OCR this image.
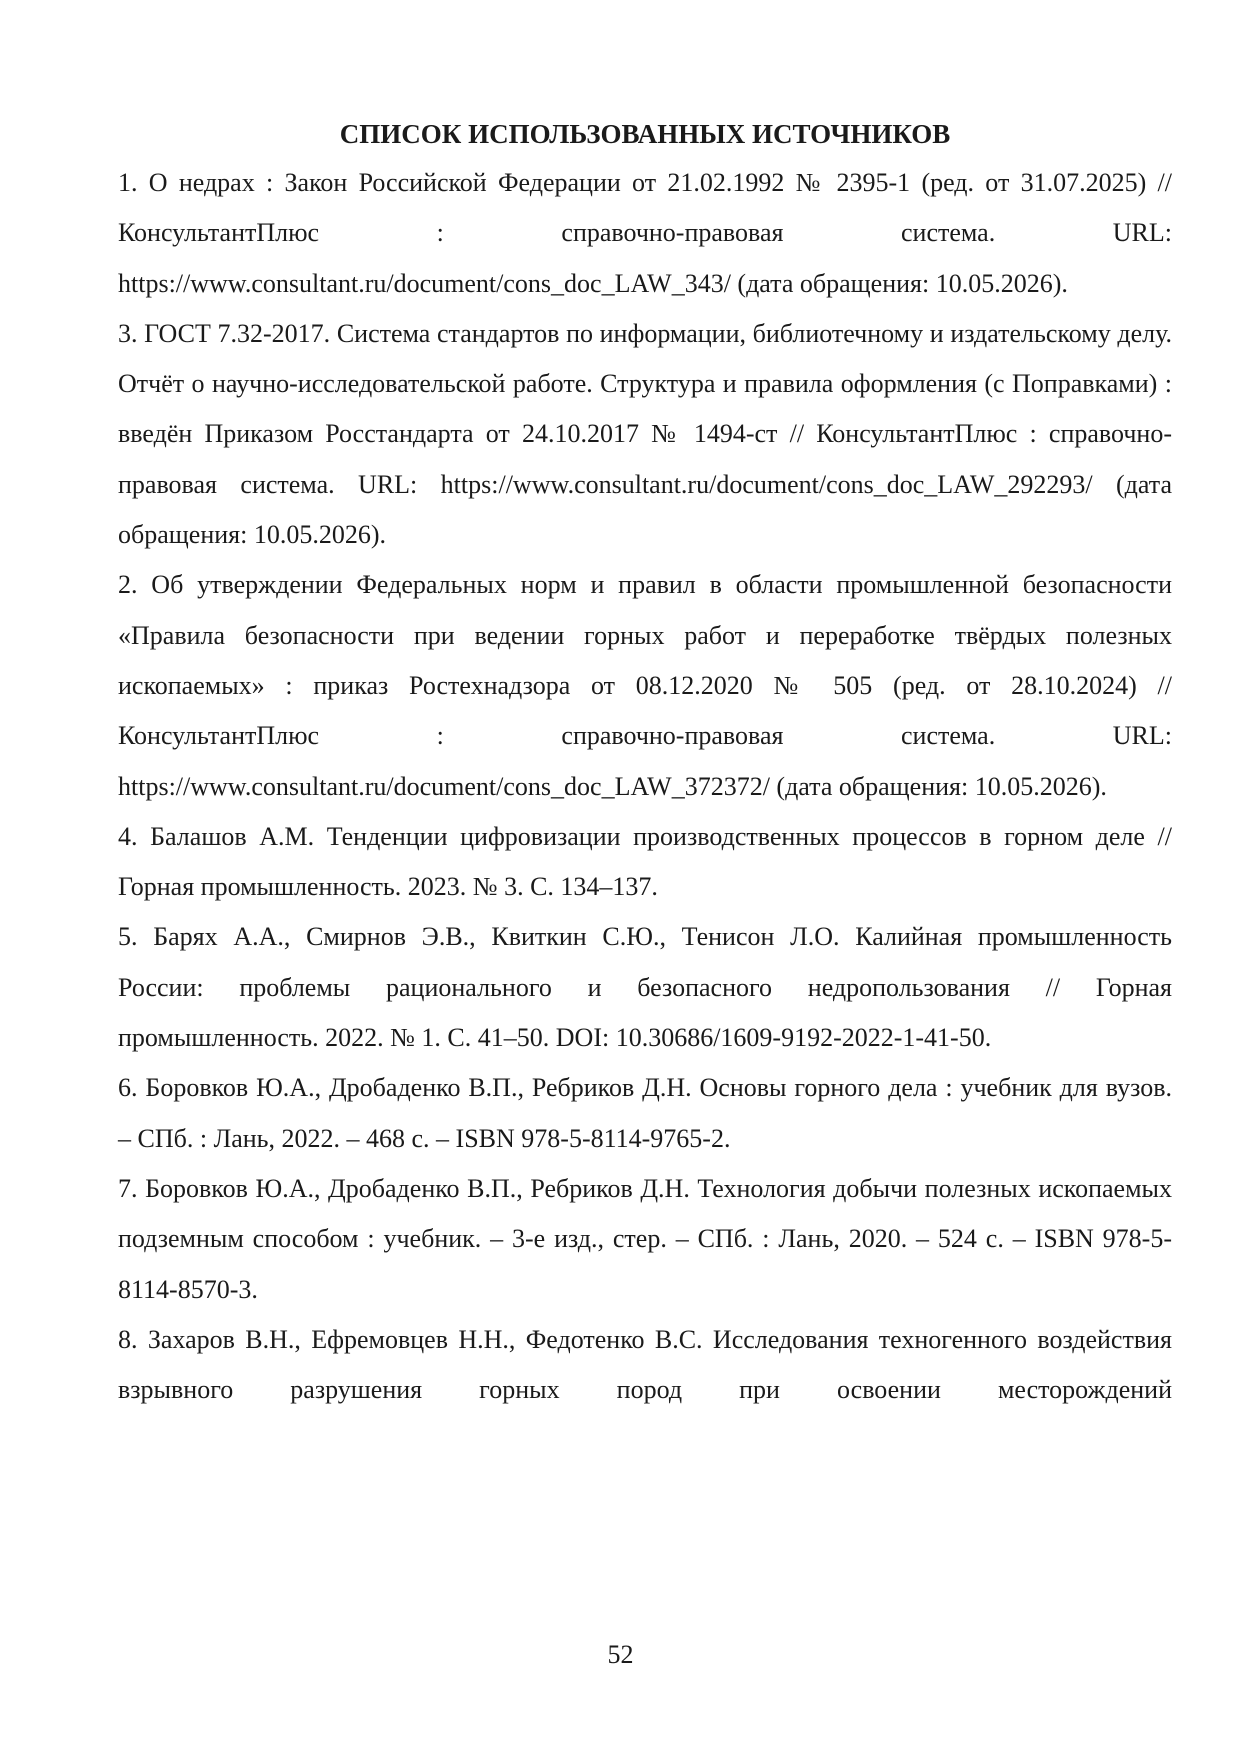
СПИСОК ИСПОЛЬЗОВАННЫХ ИСТОЧНИКОВ
1. О недрах : Закон Российской Федерации от 21.02.1992 № 2395-1 (ред. от 31.07.2025) // КонсультантПлюс : справочно-правовая система. URL: https://www.consultant.ru/document/cons_doc_LAW_343/ (дата обращения: 10.05.2026).
3. ГОСТ 7.32-2017. Система стандартов по информации, библиотечному и издательскому делу. Отчёт о научно-исследовательской работе. Структура и правила оформления (с Поправками) : введён Приказом Росстандарта от 24.10.2017 № 1494-ст // КонсультантПлюс : справочно-правовая система. URL: https://www.consultant.ru/document/cons_doc_LAW_292293/ (дата обращения: 10.05.2026).
2. Об утверждении Федеральных норм и правил в области промышленной безопасности «Правила безопасности при ведении горных работ и переработке твёрдых полезных ископаемых» : приказ Ростехнадзора от 08.12.2020 № 505 (ред. от 28.10.2024) // КонсультантПлюс : справочно-правовая система. URL: https://www.consultant.ru/document/cons_doc_LAW_372372/ (дата обращения: 10.05.2026).
4. Балашов А.М. Тенденции цифровизации производственных процессов в горном деле // Горная промышленность. 2023. № 3. С. 134–137.
5. Барях А.А., Смирнов Э.В., Квиткин С.Ю., Тенисон Л.О. Калийная промышленность России: проблемы рационального и безопасного недропользования // Горная промышленность. 2022. № 1. С. 41–50. DOI: 10.30686/1609-9192-2022-1-41-50.
6. Боровков Ю.А., Дробаденко В.П., Ребриков Д.Н. Основы горного дела : учебник для вузов. – СПб. : Лань, 2022. – 468 с. – ISBN 978-5-8114-9765-2.
7. Боровков Ю.А., Дробаденко В.П., Ребриков Д.Н. Технология добычи полезных ископаемых подземным способом : учебник. – 3-е изд., стер. – СПб. : Лань, 2020. – 524 с. – ISBN 978-5-8114-8570-3.
8. Захаров В.Н., Ефремовцев Н.Н., Федотенко В.С. Исследования техногенного воздействия взрывного разрушения горных пород при освоении месторождений
52
